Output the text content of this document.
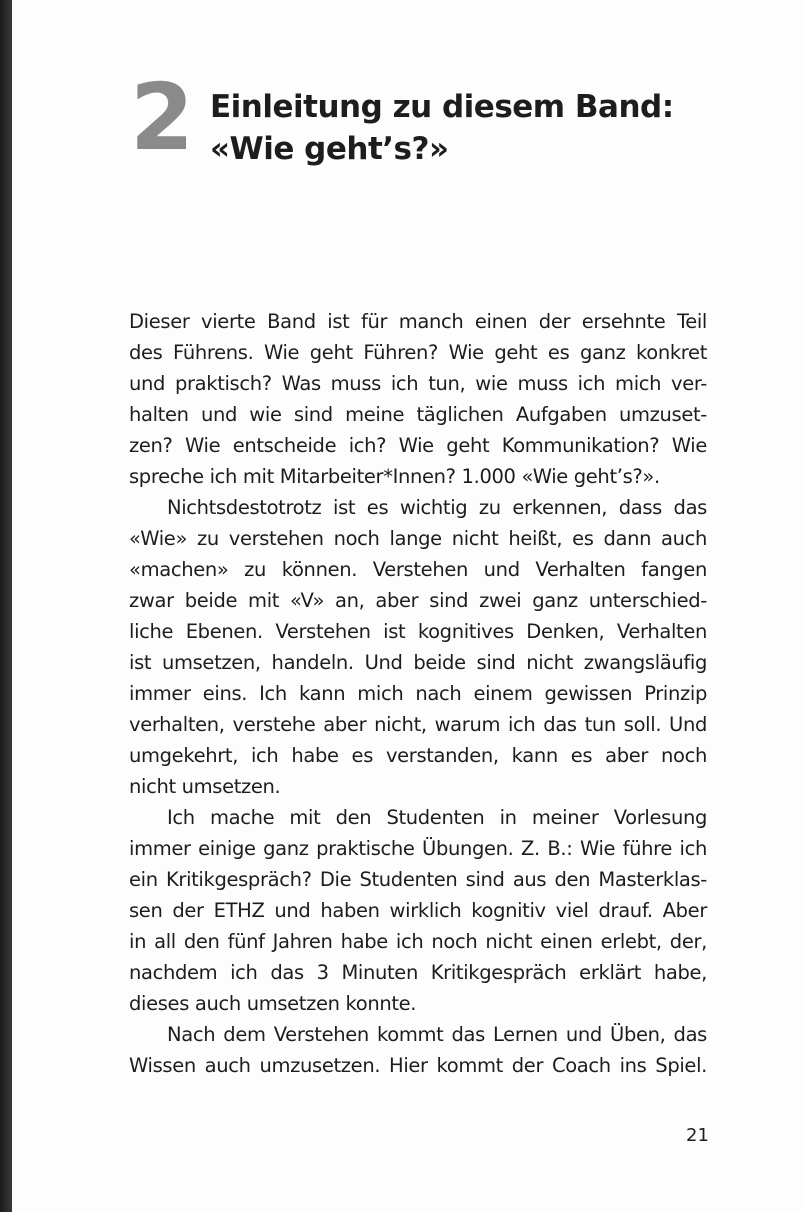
2 Einleitung zu diesem Band:
«Wie geht’s?»
Dieser vierte Band ist für manch einen der ersehnte Teil
des Führens. Wie geht Führen? Wie geht es ganz konkret
und praktisch? Was muss ich tun, wie muss ich mich ver-
halten und wie sind meine täglichen Aufgaben umzuset-
zen? Wie entscheide ich? Wie geht Kommunikation? Wie
spreche ich mit Mitarbeiter*Innen? 1.000 «Wie geht’s?».
Nichtsdestotrotz ist es wichtig zu erkennen, dass das
«Wie» zu verstehen noch lange nicht heißt, es dann auch
«machen» zu können. Verstehen und Verhalten fangen
zwar beide mit «V» an, aber sind zwei ganz unterschied-
liche Ebenen. Verstehen ist kognitives Denken, Verhalten
ist umsetzen, handeln. Und beide sind nicht zwangsläufig
immer eins. Ich kann mich nach einem gewissen Prinzip
verhalten, verstehe aber nicht, warum ich das tun soll. Und
umgekehrt, ich habe es verstanden, kann es aber noch
nicht umsetzen.
Ich mache mit den Studenten in meiner Vorlesung
immer einige ganz praktische Übungen. Z. B.: Wie führe ich
ein Kritikgespräch? Die Studenten sind aus den Masterklas-
sen der ETHZ und haben wirklich kognitiv viel drauf. Aber
in all den fünf Jahren habe ich noch nicht einen erlebt, der,
nachdem ich das 3 Minuten Kritikgespräch erklärt habe,
dieses auch umsetzen konnte.
Nach dem Verstehen kommt das Lernen und Üben, das
Wissen auch umzusetzen. Hier kommt der Coach ins Spiel.
21
